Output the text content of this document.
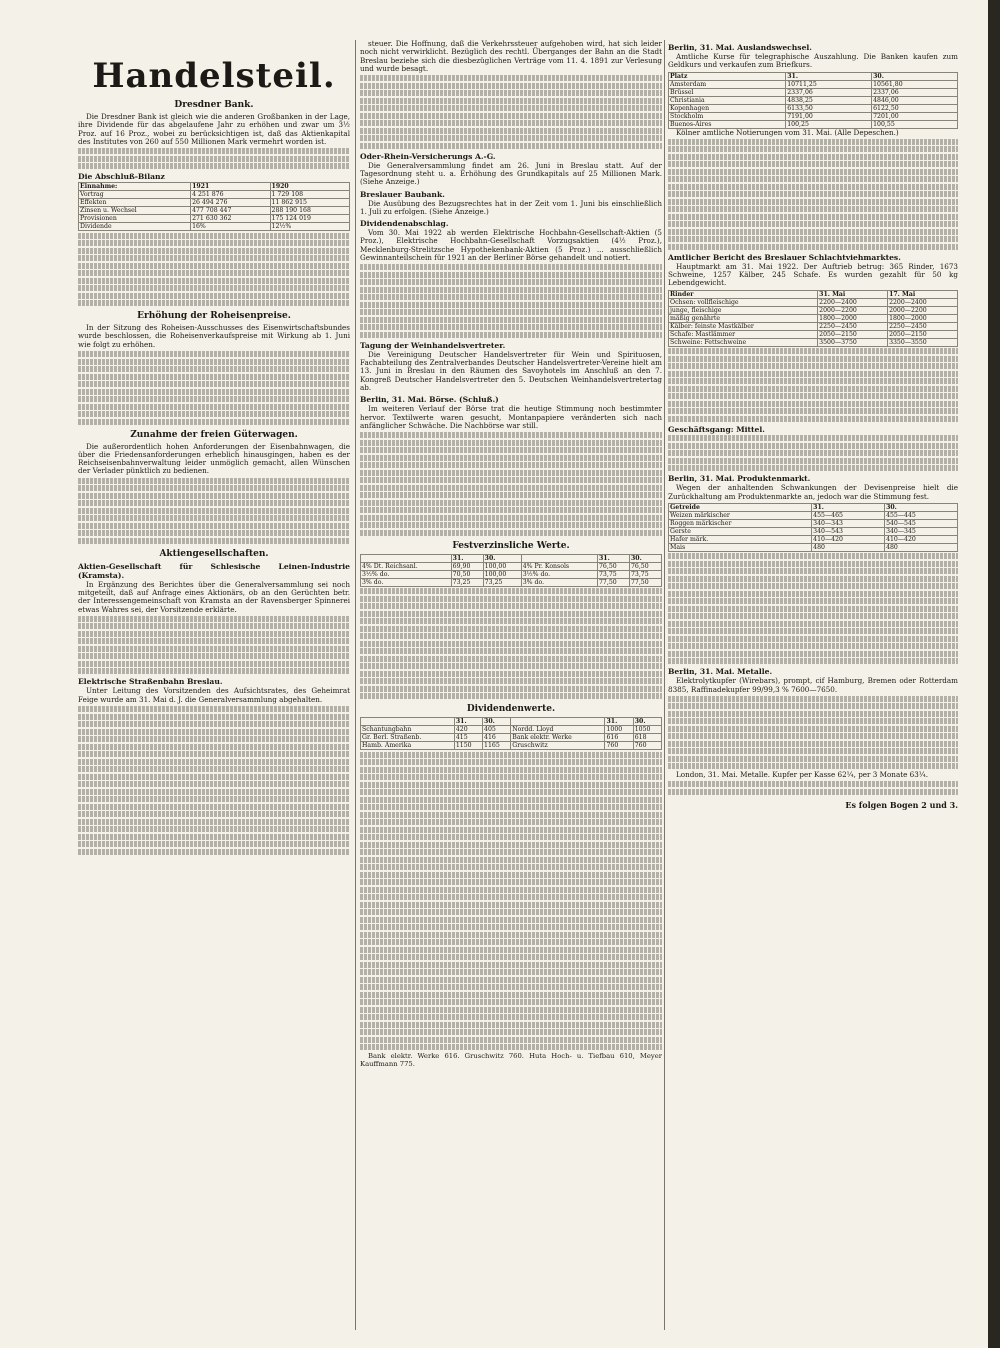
Handelsteil.
Dresdner Bank.

Die Dresdner Bank ist gleich wie die anderen Großbanken in der Lage, ihre Dividende für das abgelaufene Jahr zu erhöhen und zwar um 3½ Proz. auf 16 Proz., wobei zu berücksichtigen ist, daß das Aktienkapital des Institutes von 260 auf 550 Millionen Mark vermehrt worden ist.

Die Abschluß-Bilanz
Einnahme:	1921	1920
Vortrag	4 251 876	1 729 108
Effekten	26 494 276	11 862 915
Zinsen u. Wechsel	477 708 447	288 190 168
Provisionen	271 630 362	175 124 019
Dividende	16%	12½%
Erhöhung der Roheisenpreise.

In der Sitzung des Roheisen-Ausschusses des Eisenwirtschaftsbundes wurde beschlossen, die Roheisenverkaufspreise mit Wirkung ab 1. Juni wie folgt zu erhöhen.

Zunahme der freien Güterwagen.

Die außerordentlich hohen Anforderungen der Eisenbahnwagen, die über die Friedensanforderungen erheblich hinausgingen, haben es der Reichseisenbahnverwaltung leider unmöglich gemacht, allen Wünschen der Verlader pünktlich zu bedienen.

Aktiengesellschaften.
Aktien-Gesellschaft für Schlesische Leinen-Industrie (Kramsta).

In Ergänzung des Berichtes über die Generalversammlung sei noch mitgeteilt, daß auf Anfrage eines Aktionärs, ob an den Gerüchten betr. der Interessengemeinschaft von Kramsta an der Ravensberger Spinnerei etwas Wahres sei, der Vorsitzende erklärte.

Elektrische Straßenbahn Breslau.

Unter Leitung des Vorsitzenden des Aufsichtsrates, des Geheimrat Feige wurde am 31. Mai d. J. die Generalversammlung abgehalten.

steuer. Die Hoffnung, daß die Verkehrssteuer aufgehoben wird, hat sich leider noch nicht verwirklicht. Bezüglich des rechtl. Überganges der Bahn an die Stadt Breslau beziehe sich die diesbezüglichen Verträge vom 11. 4. 1891 zur Verlesung und wurde besagt.

Oder-Rhein-Versicherungs A.-G.

Die Generalversammlung findet am 26. Juni in Breslau statt. Auf der Tagesordnung steht u. a. Erhöhung des Grundkapitals auf 25 Millionen Mark. (Siehe Anzeige.)

Breslauer Baubank.

Die Ausübung des Bezugsrechtes hat in der Zeit vom 1. Juni bis einschließlich 1. Juli zu erfolgen. (Siehe Anzeige.)

Dividendenabschlag.

Vom 30. Mai 1922 ab werden Elektrische Hochbahn-Gesellschaft-Aktien (5 Proz.), Elektrische Hochbahn-Gesellschaft Vorzugsaktien (4½ Proz.), Mecklenburg-Strelitzsche Hypothekenbank-Aktien (5 Proz.) ... ausschließlich Gewinnanteilschein für 1921 an der Berliner Börse gehandelt und notiert.

Tagung der Weinhandelsvertreter.

Die Vereinigung Deutscher Handelsvertreter für Wein und Spirituosen, Fachabteilung des Zentralverbandes Deutscher Handelsvertreter-Vereine hielt am 13. Juni in Breslau in den Räumen des Savoyhotels im Anschluß an den 7. Kongreß Deutscher Handelsvertreter den 5. Deutschen Weinhandelsvertretertag ab.

Berlin, 31. Mai. Börse. (Schluß.)

Im weiteren Verlauf der Börse trat die heutige Stimmung noch bestimmter hervor. Textilwerte waren gesucht, Montanpapiere veränderten sich nach anfänglicher Schwäche. Die Nachbörse war still.

Festverzinsliche Werte.
	31.	30.		31.	30.
4% Dt. Reichsanl.	69,90	100,00	4% Pr. Konsols	76,50	76,50
3½% do.	70,50	100,00	3½% do.	73,75	73,75
3% do.	73,25	73,25	3% do.	77,50	77,50
Dividendenwerte.
	31.	30.		31.	30.
Schantungbahn	420	405	Nordd. Lloyd	1000	1050
Gr. Berl. Straßenb.	415	416	Bank elektr. Werke	616	618
Hamb. Amerika	1150	1165	Gruschwitz	760	760

Bank elektr. Werke 616. Gruschwitz 760. Huta Hoch- u. Tiefbau 610, Meyer Kauffmann 775.

Berlin, 31. Mai. Auslandswechsel.

Amtliche Kurse für telegraphische Auszahlung. Die Banken kaufen zum Geldkurs und verkaufen zum Briefkurs.

Platz	31.	30.
Amsterdam	10711,25	10561,80
Brüssel	2337,06	2337,06
Christiania	4838,25	4846,00
Kopenhagen	6133,50	6122,50
Stockholm	7191,00	7201,00
Buenos-Aires	100,25	100,55

Kölner amtliche Notierungen vom 31. Mai. (Alle Depeschen.)

Amtlicher Bericht des Breslauer Schlachtviehmarktes.

Hauptmarkt am 31. Mai 1922. Der Auftrieb betrug: 365 Rinder, 1673 Schweine, 1257 Kälber, 245 Schafe. Es wurden gezahlt für 50 kg Lebendgewicht.

Rinder	31. Mai	17. Mai
Ochsen: vollfleischige	2200—2400	2200—2400
junge, fleischige	2000—2200	2000—2200
mäßig genährte	1800—2000	1800—2000
Kälber: feinste Mastkälber	2250—2450	2250—2450
Schafe: Mastlämmer	2050—2150	2050—2150
Schweine: Fettschweine	3500—3750	3350—3550
Geschäftsgang: Mittel.
Berlin, 31. Mai. Produktenmarkt.

Wegen der anhaltenden Schwankungen der Devisenpreise hielt die Zurückhaltung am Produktenmarkte an, jedoch war die Stimmung fest.

Getreide	31.	30.
Weizen märkischer	455—465	455—445
Roggen märkischer	340—343	540—545
Gerste	340—543	340—345
Hafer märk.	410—420	410—420
Mais	480	480
Berlin, 31. Mai. Metalle.

Elektrolytkupfer (Wirebars), prompt, cif Hamburg, Bremen oder Rotterdam 8385, Raffinadekupfer 99/99,3 % 7600—7650.

London, 31. Mai. Metalle. Kupfer per Kasse 62¼, per 3 Monate 63¼.

Es folgen Bogen 2 und 3.
